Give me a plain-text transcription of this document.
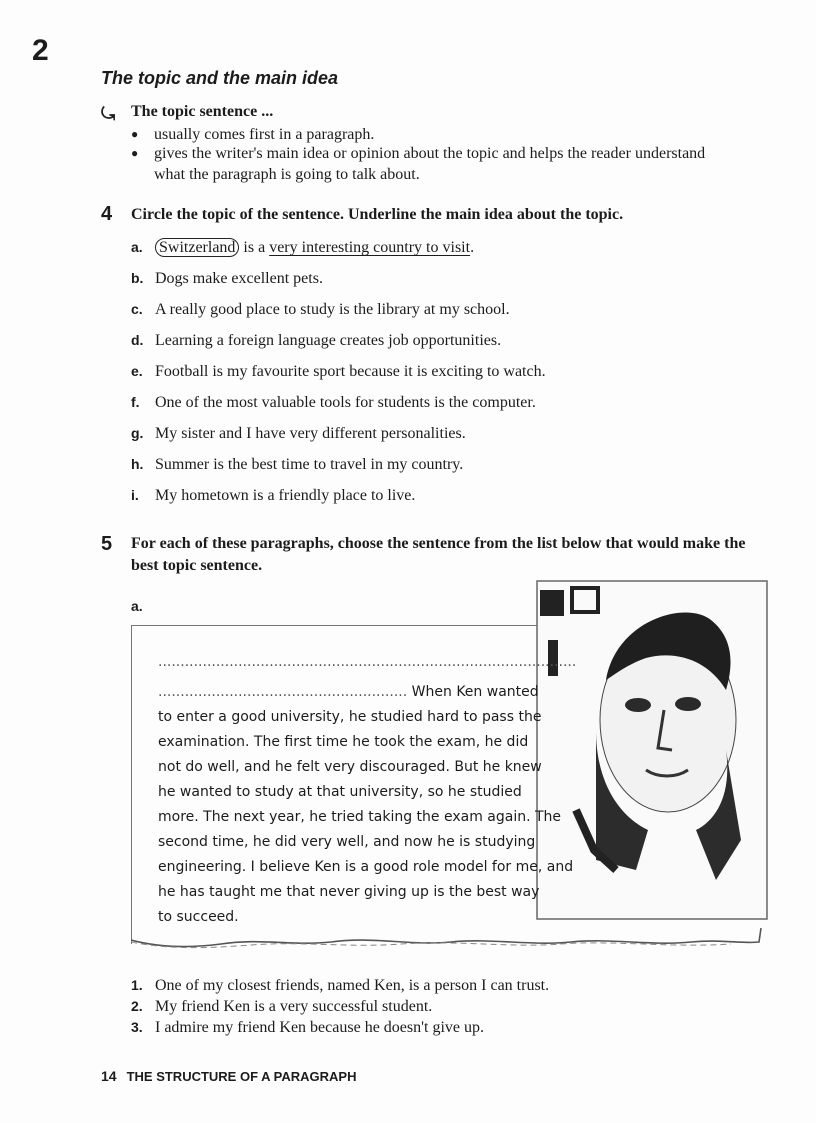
2
The topic and the main idea
⤿ The topic sentence ...
● usually comes first in a paragraph.
● gives the writer's main idea or opinion about the topic and helps the reader understand what the paragraph is going to talk about.
4 Circle the topic of the sentence. Underline the main idea about the topic.
a. Switzerland is a very interesting country to visit.
b. Dogs make excellent pets.
c. A really good place to study is the library at my school.
d. Learning a foreign language creates job opportunities.
e. Football is my favourite sport because it is exciting to watch.
f. One of the most valuable tools for students is the computer.
g. My sister and I have very different personalities.
h. Summer is the best time to travel in my country.
i. My hometown is a friendly place to live.
5 For each of these paragraphs, choose the sentence from the list below that would make the best topic sentence.
a.
..............................................................................................
........................................................ When Ken wanted
to enter a good university, he studied hard to pass the
examination. The first time he took the exam, he did
not do well, and he felt very discouraged. But he knew
he wanted to study at that university, so he studied
more. The next year, he tried taking the exam again. The
second time, he did very well, and now he is studying
engineering. I believe Ken is a good role model for me, and
he has taught me that never giving up is the best way
to succeed.
1. One of my closest friends, named Ken, is a person I can trust.
2. My friend Ken is a very successful student.
3. I admire my friend Ken because he doesn't give up.
14 THE STRUCTURE OF A PARAGRAPH
